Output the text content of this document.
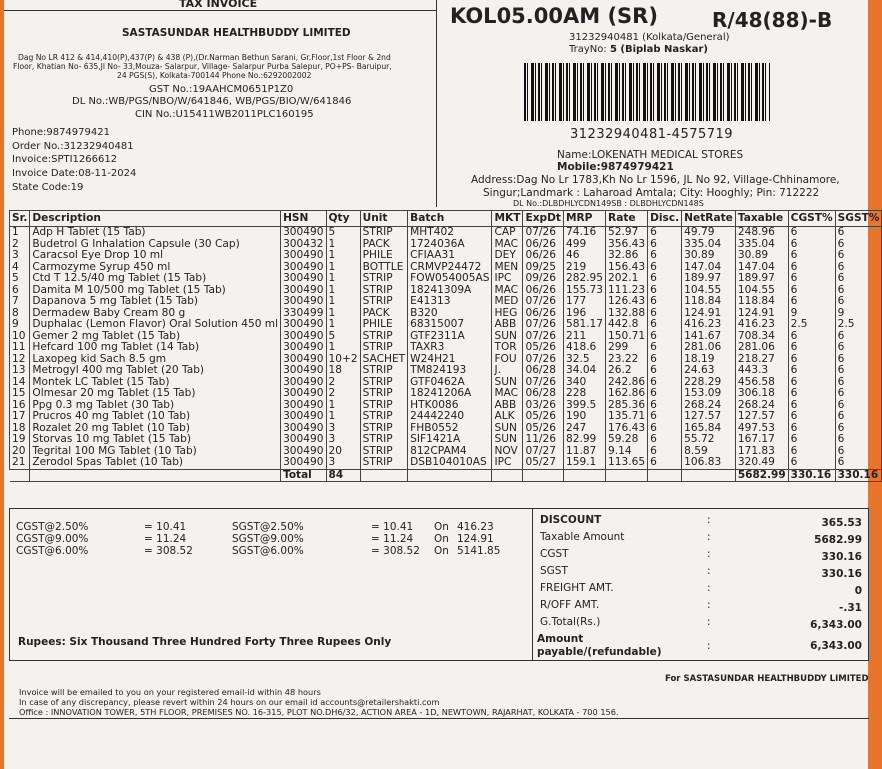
TAX INVOICE
SASTASUNDAR HEALTHBUDDY LIMITED
Dag No LR 412 & 414,410(P),437(P) & 438 (P),(Dr.Narman Bethun Sarani, Gr.Floor,1st Floor & 2nd
Floor, Khatian No- 635,Jl No- 33,Mouza- Salarpur, Village- Salarpur Purba Salepur, PO+PS- Baruipur,
24 PGS(S), Kolkata-700144 Phone No.:6292002002
GST No.:19AAHCM0651P1Z0
DL No.:WB/PGS/NBO/W/641846, WB/PGS/BIO/W/641846
CIN No.:U15411WB2011PLC160195
Phone:9874979421
Order No.:31232940481
Invoice:SPTI1266612
Invoice Date:08-11-2024
State Code:19
KOL05.00AM (SR)	R/48(88)-B
31232940481 (Kolkata/General)
TrayNo: 5 (Biplab Naskar)
31232940481-4575719
Name:LOKENATH MEDICAL STORES
Mobile:9874979421
Address:Dag No Lr 1783,Kh No Lr 1596, JL No 92, Village-Chhinamore,
Singur;Landmark : Laharoad Amtala; City: Hooghly; Pin: 712222
DL No.:DLBDHLYCDN149SB : DLBDHLYCDN148S
Sr.	Description	HSN	Qty	Unit	Batch	MKT	ExpDt	MRP	Rate	Disc.	NetRate	Taxable	CGST%	SGST%
1	Adp H Tablet (15 Tab)	300490	5	STRIP	MHT402	CAP	07/26	74.16	52.97	6	49.79	248.96	6	6
2	Budetrol G Inhalation Capsule (30 Cap)	300432	1	PACK	1724036A	MAC	06/26	499	356.43	6	335.04	335.04	6	6
3	Caracsol Eye Drop 10 ml	300490	1	PHILE	CFIAA31	DEY	06/26	46	32.86	6	30.89	30.89	6	6
4	Carmozyme Syrup 450 ml	300490	1	BOTTLE	CRMVP24472	MEN	09/25	219	156.43	6	147.04	147.04	6	6
5	Ctd T 12.5/40 mg Tablet (15 Tab)	300490	1	STRIP	FOW054005AS	IPC	09/26	282.95	202.1	6	189.97	189.97	6	6
6	Damita M 10/500 mg Tablet (15 Tab)	300490	1	STRIP	18241309A	MAC	06/26	155.73	111.23	6	104.55	104.55	6	6
7	Dapanova 5 mg Tablet (15 Tab)	300490	1	STRIP	E41313	MED	07/26	177	126.43	6	118.84	118.84	6	6
8	Dermadew Baby Cream 80 g	330499	1	PACK	B320	HEG	06/26	196	132.88	6	124.91	124.91	9	9
9	Duphalac (Lemon Flavor) Oral Solution 450 ml	300490	1	PHILE	68315007	ABB	07/26	581.17	442.8	6	416.23	416.23	2.5	2.5
10	Gemer 2 mg Tablet (15 Tab)	300490	5	STRIP	GTF2311A	SUN	07/26	211	150.71	6	141.67	708.34	6	6
11	Hefcard 100 mg Tablet (14 Tab)	300490	1	STRIP	TAXR3	TOR	05/26	418.6	299	6	281.06	281.06	6	6
12	Laxopeg kid Sach 8.5 gm	300490	10+2	SACHET	W24H21	FOU	07/26	32.5	23.22	6	18.19	218.27	6	6
13	Metrogyl 400 mg Tablet (20 Tab)	300490	18	STRIP	TM824193	J.	06/28	34.04	26.2	6	24.63	443.3	6	6
14	Montek LC Tablet (15 Tab)	300490	2	STRIP	GTF0462A	SUN	07/26	340	242.86	6	228.29	456.58	6	6
15	Olmesar 20 mg Tablet (15 Tab)	300490	2	STRIP	18241206A	MAC	06/28	228	162.86	6	153.09	306.18	6	6
16	Ppg 0.3 mg Tablet (30 Tab)	300490	1	STRIP	HTK0086	ABB	03/26	399.5	285.36	6	268.24	268.24	6	6
17	Prucros 40 mg Tablet (10 Tab)	300490	1	STRIP	24442240	ALK	05/26	190	135.71	6	127.57	127.57	6	6
18	Rozalet 20 mg Tablet (10 Tab)	300490	3	STRIP	FHB0552	SUN	05/26	247	176.43	6	165.84	497.53	6	6
19	Storvas 10 mg Tablet (15 Tab)	300490	3	STRIP	SIF1421A	SUN	11/26	82.99	59.28	6	55.72	167.17	6	6
20	Tegrital 100 MG Tablet (10 Tab)	300490	20	STRIP	812CPAM4	NOV	07/27	11.87	9.14	6	8.59	171.83	6	6
21	Zerodol Spas Tablet (10 Tab)	300490	3	STRIP	DSB104010AS	IPC	05/27	159.1	113.65	6	106.83	320.49	6	6
		Total	84									5682.99	330.16	330.16
CGST@2.50%	= 10.41	SGST@2.50%	= 10.41 On 416.23
CGST@9.00%	= 11.24	SGST@9.00%	= 11.24 On 124.91
CGST@6.00%	= 308.52	SGST@6.00%	= 308.52 On 5141.85
DISCOUNT	:	365.53
Taxable Amount	:	5682.99
CGST	:	330.16
SGST	:	330.16
FREIGHT AMT.	:	0
R/OFF AMT.	:	-.31
G.Total(Rs.)	:	6,343.00
Amount
payable/(refundable)	:	6,343.00
Rupees: Six Thousand Three Hundred Forty Three Rupees Only
For SASTASUNDAR HEALTHBUDDY LIMITED
Invoice will be emailed to you on your registered email-id within 48 hours
In case of any discrepancy, please revert within 24 hours on our email id accounts@retailershakti.com
Office : INNOVATION TOWER, 5TH FLOOR, PREMISES NO. 16-315, PLOT NO.DH6/32, ACTION AREA - 1D, NEWTOWN, RAJARHAT, KOLKATA - 700 156.
